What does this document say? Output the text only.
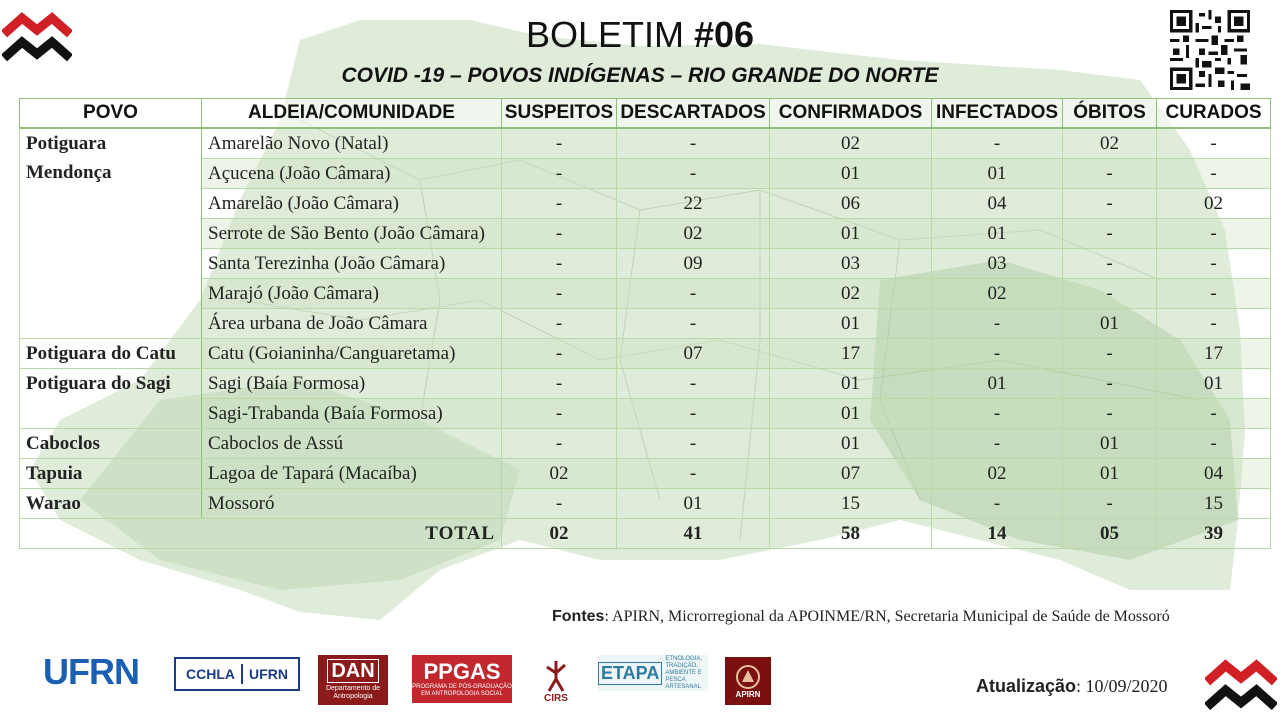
BOLETIM #06
COVID -19 – POVOS INDÍGENAS – RIO GRANDE DO NORTE
POVO	ALDEIA/COMUNIDADE	SUSPEITOS	DESCARTADOS	CONFIRMADOS	INFECTADOS	ÓBITOS	CURADOS
Potiguara Mendonça	Amarelão Novo (Natal)	-	-	02	-	02	-
	Açucena (João Câmara)	-	-	01	01	-	-
	Amarelão (João Câmara)	-	22	06	04	-	02
	Serrote de São Bento (João Câmara)	-	02	01	01	-	-
	Santa Terezinha (João Câmara)	-	09	03	03	-	-
	Marajó (João Câmara)	-	-	02	02	-	-
	Área urbana de João Câmara	-	-	01	-	01	-
Potiguara do Catu	Catu (Goianinha/Canguaretama)	-	07	17	-	-	17
Potiguara do Sagi	Sagi (Baía Formosa)	-	-	01	01	-	01
	Sagi-Trabanda (Baía Formosa)	-	-	01	-	-	-
Caboclos	Caboclos de Assú	-	-	01	-	01	-
Tapuia	Lagoa de Tapará (Macaíba)	02	-	07	02	01	04
Warao	Mossoró	-	01	15	-	-	15
TOTAL		02	41	58	14	05	39
Fontes: APIRN, Microrregional da APOINME/RN, Secretaria Municipal de Saúde de Mossoró
Atualização: 10/09/2020
UFRN	CCHLA UFRN DAN
Departamento de Antropologia
PPGAS
PROGRAMA DE PÓS-GRADUAÇÃO EM ANTROPOLOGIA SOCIAL	CIRS
ETAPA
ETNOLOGIA, TRADIÇÃO, AMBIENTE E PESCA ARTESANAL
APIRN
